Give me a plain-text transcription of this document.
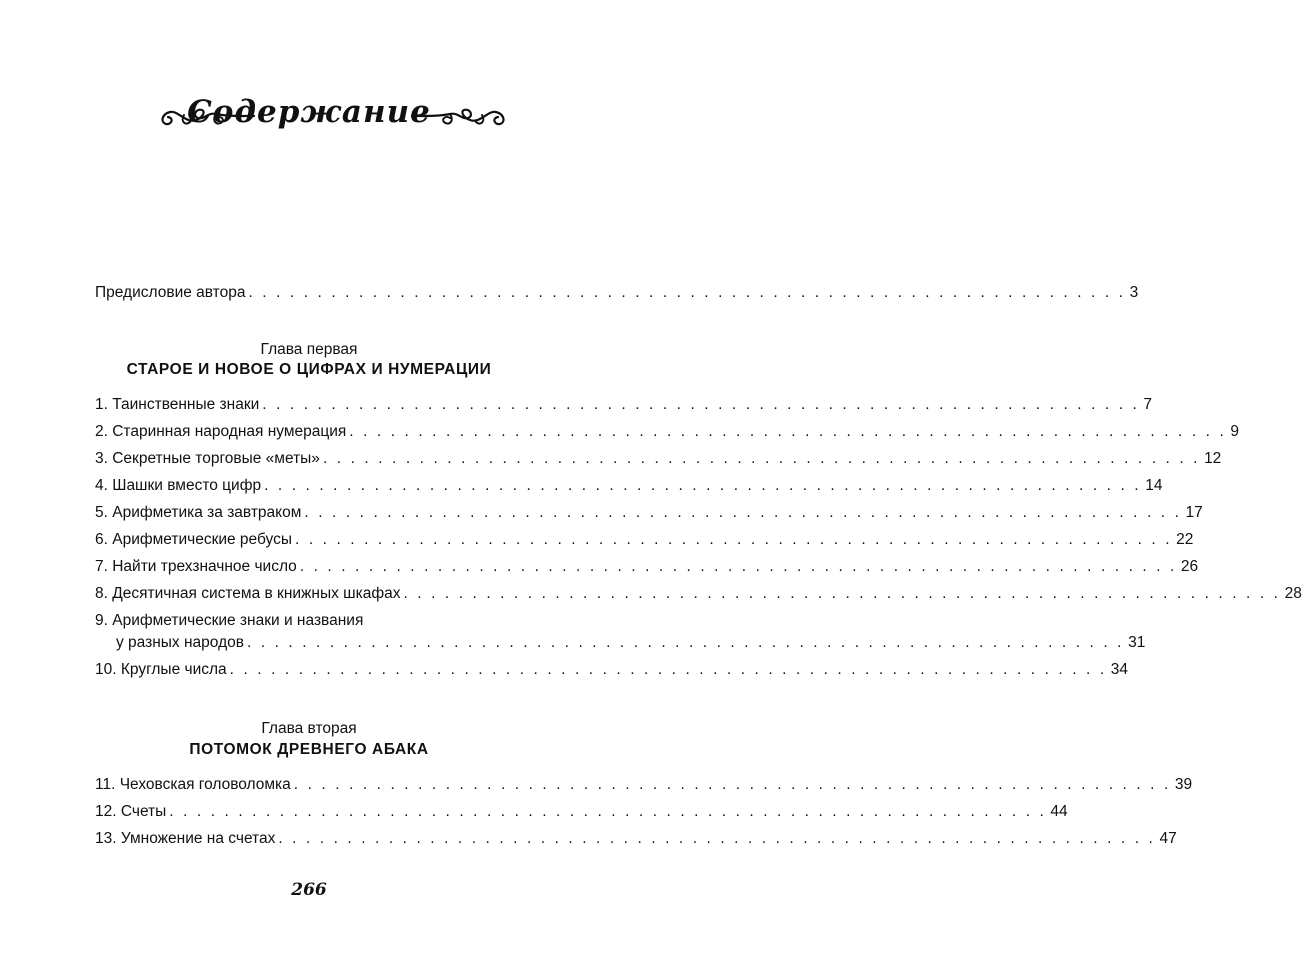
Содержание
Предисловие автора . . . . . . . . . . . . . . . . . . . . . . . . . . . . . . . . . . . . . . . . . . . . . . . . . . . . . . . . . . . . . . . . 3
Глава первая
СТАРОЕ И НОВОЕ О ЦИФРАХ И НУМЕРАЦИИ
1. Таинственные знаки . . . . . . . . . . . . . . . . . . . . . . . . . . . . . . . . . . . . . . . . . . . . . . . . . . . . . . . . . . . . . . . . 7
2. Старинная народная нумерация . . . . . . . . . . . . . . . . . . . . . . . . . . . . . . . . . . . . . . . . . . . . . . . . . . . . . . . . . . . . . . . . 9
3. Секретные торговые «меты» . . . . . . . . . . . . . . . . . . . . . . . . . . . . . . . . . . . . . . . . . . . . . . . . . . . . . . . . . . . . . . . . 12
4. Шашки вместо цифр . . . . . . . . . . . . . . . . . . . . . . . . . . . . . . . . . . . . . . . . . . . . . . . . . . . . . . . . . . . . . . . . 14
5. Арифметика за завтраком . . . . . . . . . . . . . . . . . . . . . . . . . . . . . . . . . . . . . . . . . . . . . . . . . . . . . . . . . . . . . . . . 17
6. Арифметические ребусы . . . . . . . . . . . . . . . . . . . . . . . . . . . . . . . . . . . . . . . . . . . . . . . . . . . . . . . . . . . . . . . . 22
7. Найти трехзначное число . . . . . . . . . . . . . . . . . . . . . . . . . . . . . . . . . . . . . . . . . . . . . . . . . . . . . . . . . . . . . . . . 26
8. Десятичная система в книжных шкафах . . . . . . . . . . . . . . . . . . . . . . . . . . . . . . . . . . . . . . . . . . . . . . . . . . . . . . . . . . . . . . . . 28
9. Арифметические знаки и названия
у разных народов . . . . . . . . . . . . . . . . . . . . . . . . . . . . . . . . . . . . . . . . . . . . . . . . . . . . . . . . . . . . . . . . 31
10. Круглые числа . . . . . . . . . . . . . . . . . . . . . . . . . . . . . . . . . . . . . . . . . . . . . . . . . . . . . . . . . . . . . . . . 34
Глава вторая
ПОТОМОК ДРЕВНЕГО АБАКА
11. Чеховская головоломка . . . . . . . . . . . . . . . . . . . . . . . . . . . . . . . . . . . . . . . . . . . . . . . . . . . . . . . . . . . . . . . . 39
12. Счеты . . . . . . . . . . . . . . . . . . . . . . . . . . . . . . . . . . . . . . . . . . . . . . . . . . . . . . . . . . . . . . . . 44
13. Умножение на счетах . . . . . . . . . . . . . . . . . . . . . . . . . . . . . . . . . . . . . . . . . . . . . . . . . . . . . . . . . . . . . . . . 47
266
